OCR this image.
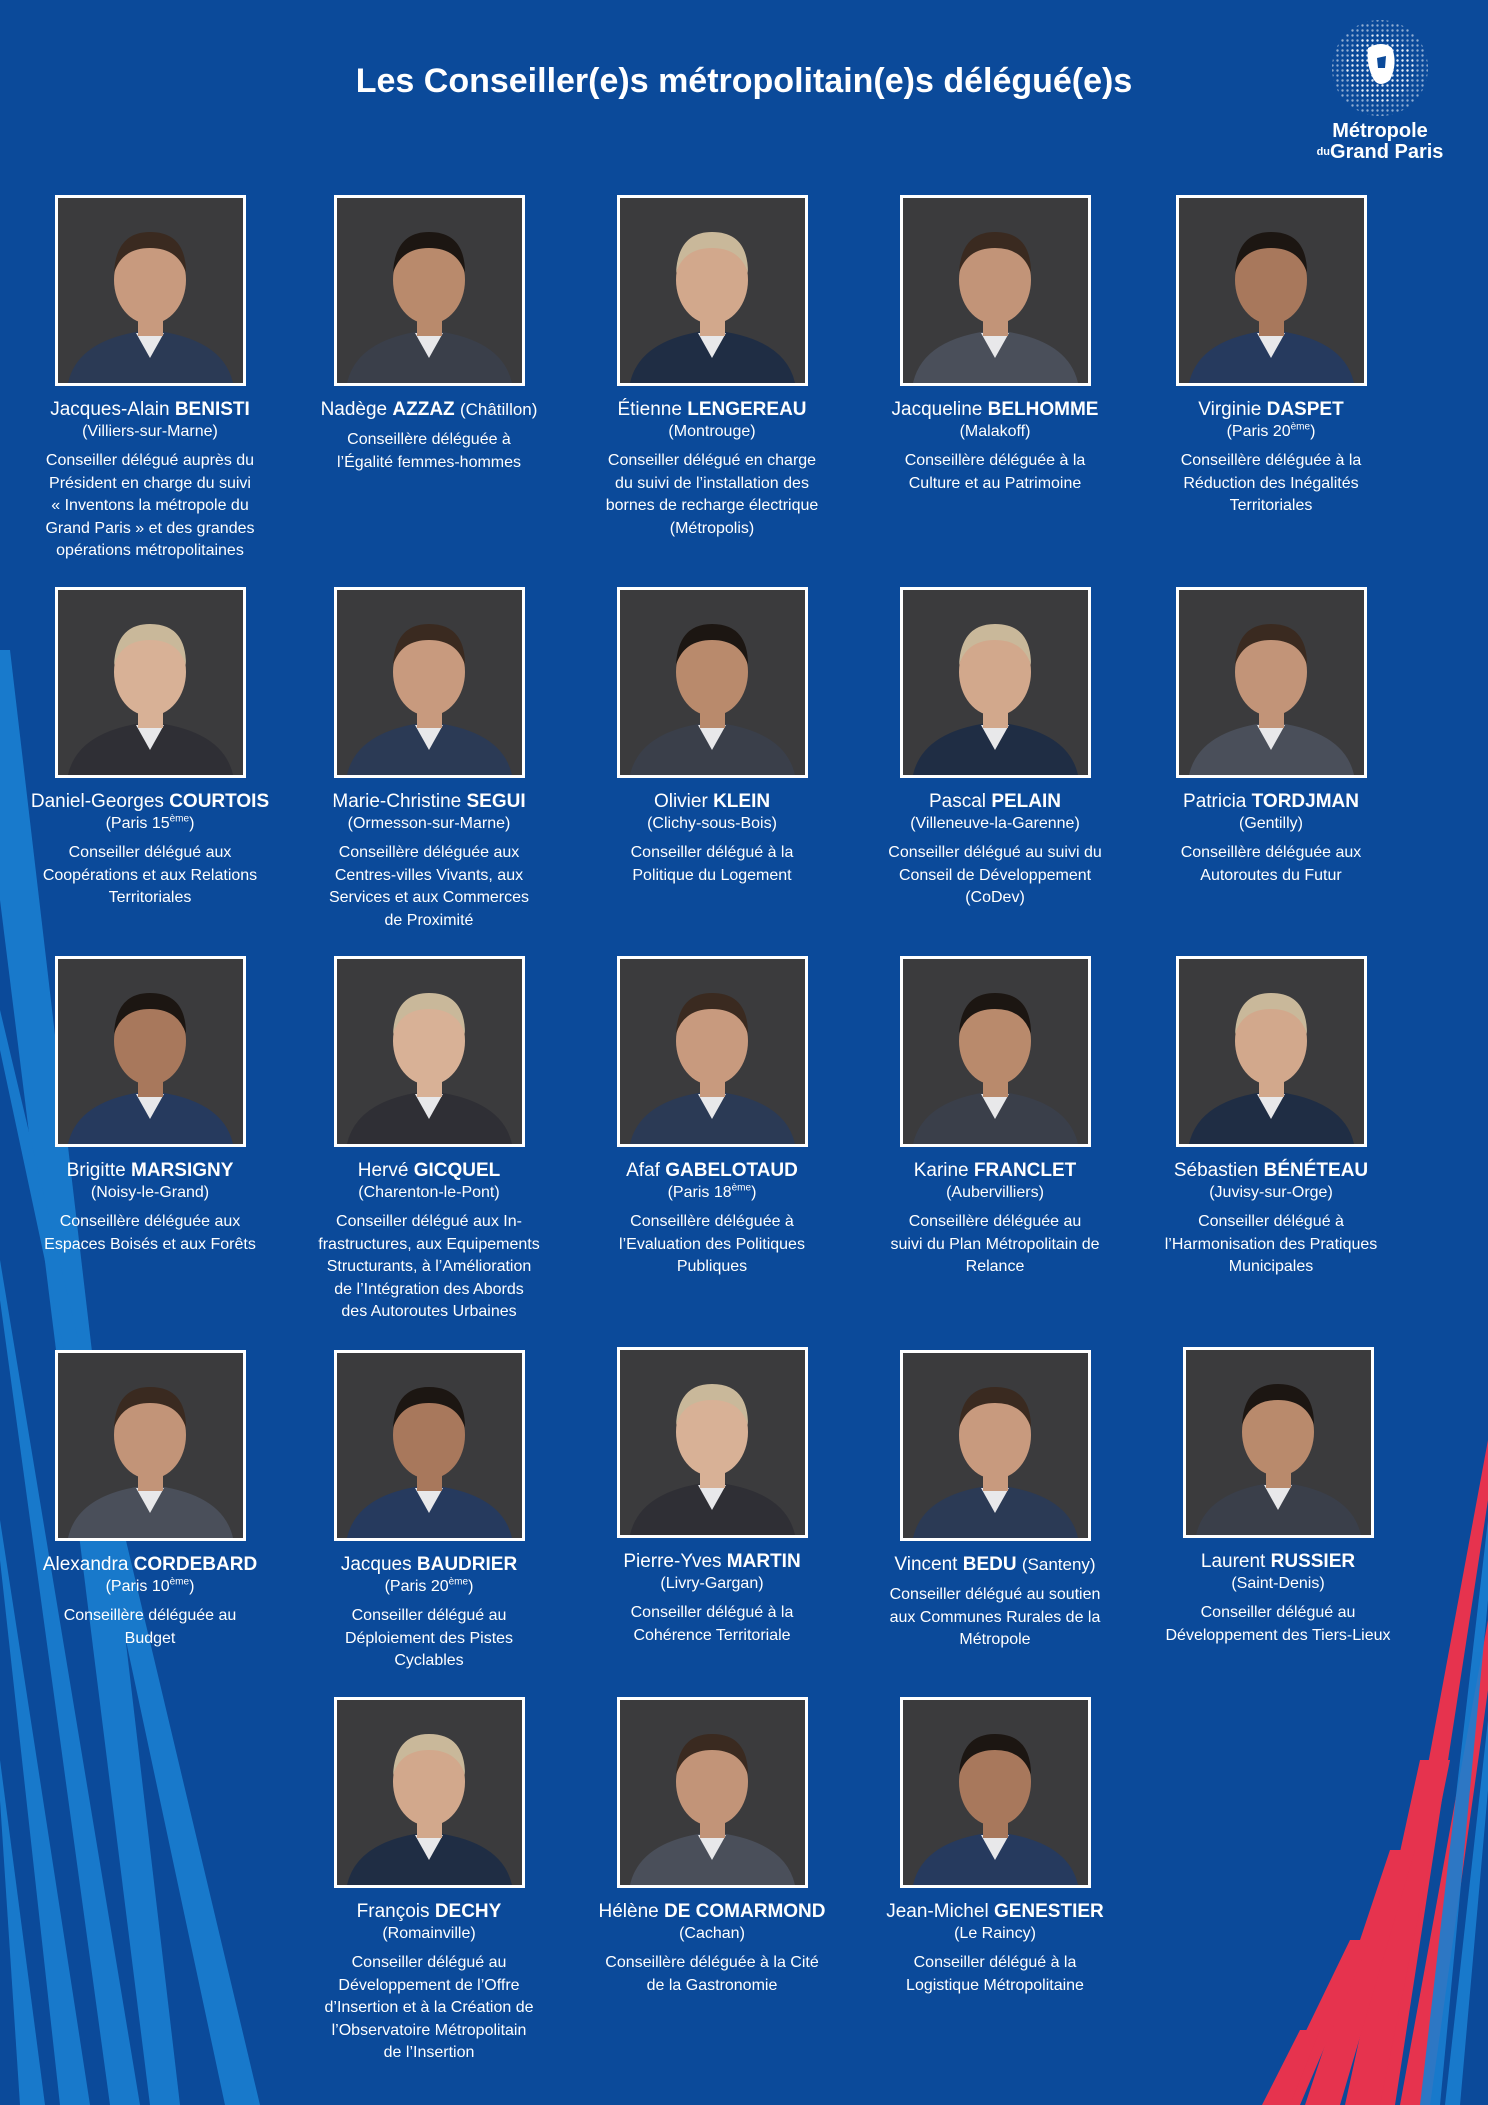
Les Conseiller(e)s métropolitain(e)s délégué(e)s
Métropole
$^{du}$Grand Paris
Jacques-Alain BENISTI
(Villiers-sur-Marne)
Conseiller délégué auprès du
Président en charge du suivi
« Inventons la métropole du
Grand Paris » et des grandes
opérations métropolitaines
Nadège AZZAZ (Châtillon)
Conseillère déléguée à
l’Égalité femmes-hommes
Étienne LENGEREAU
(Montrouge)
Conseiller délégué en charge
du suivi de l’installation des
bornes de recharge électrique
(Métropolis)
Jacqueline BELHOMME
(Malakoff)
Conseillère déléguée à la
Culture et au Patrimoine
Virginie DASPET
(Paris 20ème)
Conseillère déléguée à la
Réduction des Inégalités
Territoriales
Daniel-Georges COURTOIS
(Paris 15ème)
Conseiller délégué aux
Coopérations et aux Relations
Territoriales
Marie-Christine SEGUI
(Ormesson-sur-Marne)
Conseillère déléguée aux
Centres-villes Vivants, aux
Services et aux Commerces
de Proximité
Olivier KLEIN
(Clichy-sous-Bois)
Conseiller délégué à la
Politique du Logement
Pascal PELAIN
(Villeneuve-la-Garenne)
Conseiller délégué au suivi du
Conseil de Développement
(CoDev)
Patricia TORDJMAN
(Gentilly)
Conseillère déléguée aux
Autoroutes du Futur
Brigitte MARSIGNY
(Noisy-le-Grand)
Conseillère déléguée aux
Espaces Boisés et aux Forêts
Hervé GICQUEL
(Charenton-le-Pont)
Conseiller délégué aux In-
frastructures, aux Equipements
Structurants, à l’Amélioration
de l’Intégration des Abords
des Autoroutes Urbaines
Afaf GABELOTAUD
(Paris 18ème)
Conseillère déléguée à
l’Evaluation des Politiques
Publiques
Karine FRANCLET
(Aubervilliers)
Conseillère déléguée au
suivi du Plan Métropolitain de
Relance
Sébastien BÉNÉTEAU
(Juvisy-sur-Orge)
Conseiller délégué à
l’Harmonisation des Pratiques
Municipales
Alexandra CORDEBARD
(Paris 10ème)
Conseillère déléguée au
Budget
Jacques BAUDRIER
(Paris 20ème)
Conseiller délégué au
Déploiement des Pistes
Cyclables
Pierre-Yves MARTIN
(Livry-Gargan)
Conseiller délégué à la
Cohérence Territoriale
Vincent BEDU (Santeny)
Conseiller délégué au soutien
aux Communes Rurales de la
Métropole
Laurent RUSSIER
(Saint-Denis)
Conseiller délégué au
Développement des Tiers-Lieux
François DECHY
(Romainville)
Conseiller délégué au
Développement de l’Offre
d’Insertion et à la Création de
l’Observatoire Métropolitain
de l’Insertion
Hélène DE COMARMOND
(Cachan)
Conseillère déléguée à la Cité
de la Gastronomie
Jean-Michel GENESTIER
(Le Raincy)
Conseiller délégué à la
Logistique Métropolitaine
